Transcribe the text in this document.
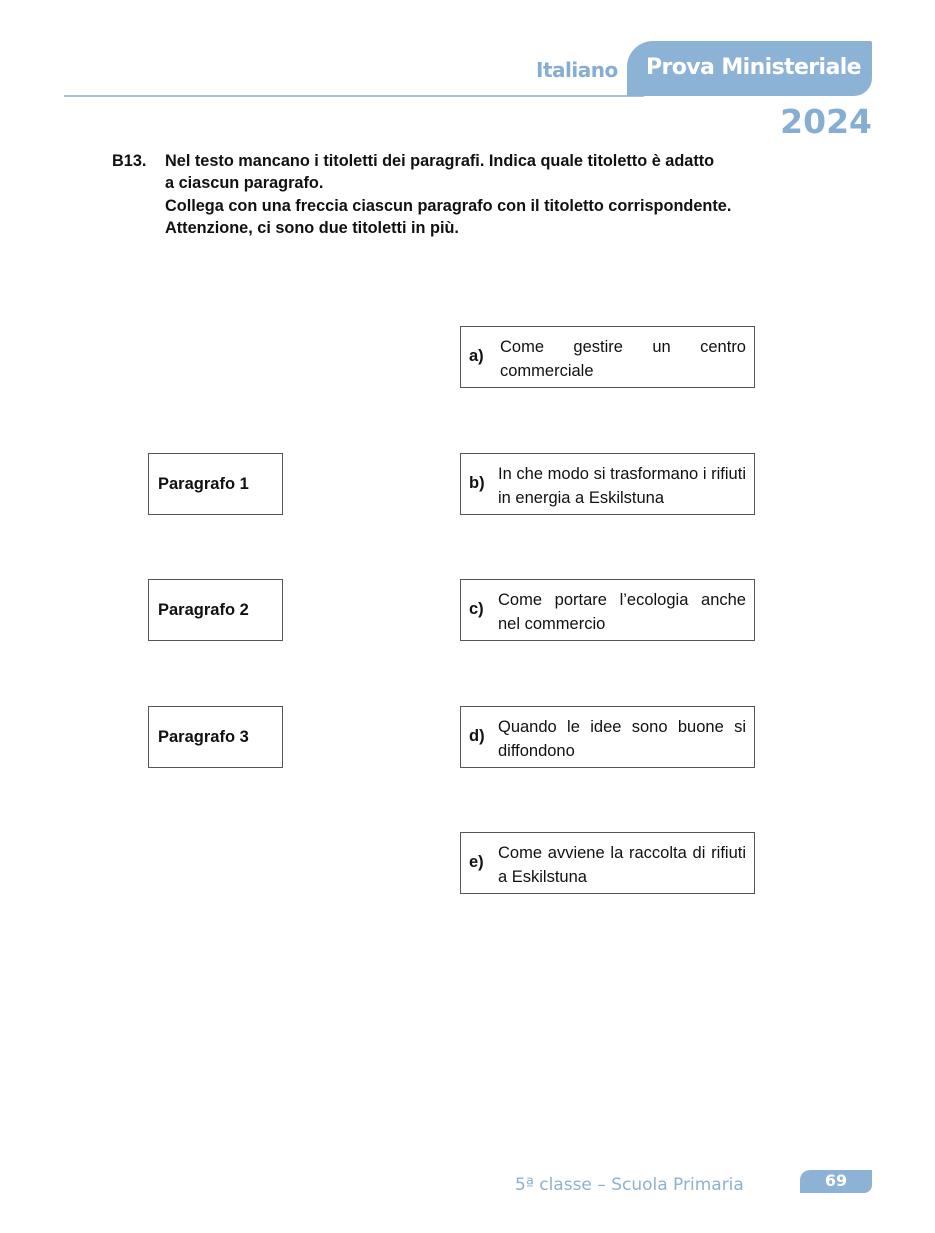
Italiano Prova Ministeriale
2024
B13. Nel testo mancano i titoletti dei paragrafi. Indica quale titoletto è adatto
a ciascun paragrafo.
Collega con una freccia ciascun paragrafo con il titoletto corrispondente.
Attenzione, ci sono due titoletti in più.
Paragrafo 1
Paragrafo 2
Paragrafo 3
a) Come gestire un centro commerciale
b) In che modo si trasformano i rifiuti in energia a Eskilstuna
c) Come portare l’ecologia anche nel commercio
d) Quando le idee sono buone si diffondono
e) Come avviene la raccolta di rifiuti a Eskilstuna
5ª classe – Scuola Primaria	69
